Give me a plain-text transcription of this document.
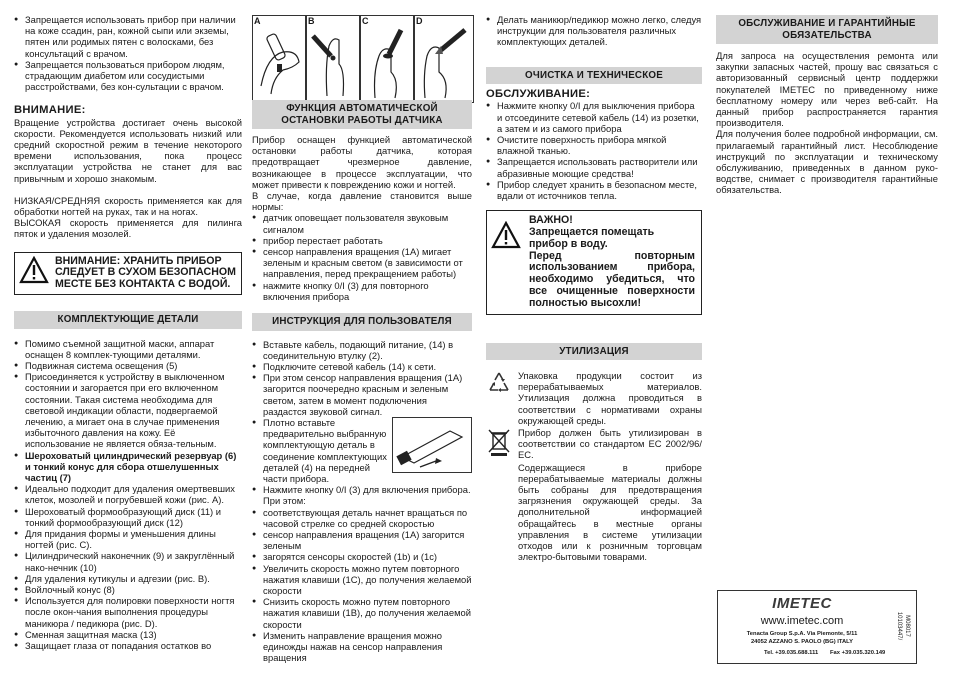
● Запрещается использовать прибор при наличии на коже ссадин, ран, кожной сыпи или экземы, пятен или родимых пятен с волосками, без консультаций с врачом.
● Запрещается пользоваться прибором людям, страдающим диабетом или сосудистыми расстройствами, без кон-сультации с врачом.

ВНИМАНИЕ:

Вращение устройства достигает очень высокой скорости. Рекомендуется использовать низкий или средний скоростной режим в течение некоторого времени использования, пока процесс эксплуатации устройства не станет для вас привычным и хорошо знакомым.

НИЗКАЯ/СРЕДНЯЯ скорость применяется как для обработки ногтей на руках, так и на ногах.

ВЫСОКАЯ скорость применяется для пилинга пяток и удаления мозолей.

ВНИМАНИЕ: ХРАНИТЬ ПРИБОР СЛЕДУЕТ В СУХОМ БЕЗОПАСНОМ МЕСТЕ БЕЗ КОНТАКТА С ВОДОЙ.

КОМПЛЕКТУЮЩИЕ ДЕТАЛИ
● Помимо съемной защитной маски, аппарат оснащен 8 комплек-тующими деталями.
● Подвижная система освещения (5)
● Присоединяется к устройству в выключенном состоянии и загорается при его включенном состоянии. Такая система необходима для световой индикации области, подвергаемой лечению, а мигает она в случае применения избыточного давления на кожу. Её использование не является обяза-тельным.
● Шероховатый цилиндрический резервуар (6) и тонкий конус для сбора отшелушенных частиц (7)
● Идеально подходит для удаления омертвевших клеток, мозолей и погрубевшей кожи (рис. A).
● Шероховатый формообразующий диск (11) и тонкий формообразующий диск (12)
● Для придания формы и уменьшения длины ногтей (рис. С).
● Цилиндрический наконечник (9) и закруглённый нако-нечник (10)
● Для удаления кутикулы и адгезии (рис. B).
● Войлочный конус (8)
● Используется для полировки поверхности ногтя после окон-чания выполнения процедуры маникюра / педикюра (рис. D).
● Сменная защитная маска (13)
● Защищает глаза от попадания остатков во
A	B	C	D
ФУНКЦИЯ АВТОМАТИЧЕСКОЙ ОСТАНОВКИ РАБОТЫ ДАТЧИКА

Прибор оснащен функцией автоматической остановки работы датчика, которая предотвращает чрезмерное давление, возникающее в процессе эксплуатации, что может привести к повреждению кожи и ногтей.

В случае, когда давление становится выше нормы:

● датчик оповещает пользователя звуковым сигналом
● прибор перестает работать
● сенсор направления вращения (1A) мигает зеленым и красным светом (в зависимости от направления, перед прекращением работы)
● нажмите кнопку 0/I (3) для повторного включения прибора
ИНСТРУКЦИЯ ДЛЯ ПОЛЬЗОВАТЕЛЯ
● Вставьте кабель, подающий питание, (14) в соединительную втулку (2).
● Подключите сетевой кабель (14) к сети.
● При этом сенсор направления вращения (1A) загорится поочередно красным и зеленым светом, затем в момент подключения раздастся звуковой сигнал.
● Плотно вставьте предварительно выбранную комплектующую деталь в соединение комплектующих деталей (4) на передней части прибора.
● Нажмите кнопку 0/I (3) для включения прибора. При этом:
● соответствующая деталь начнет вращаться по часовой стрелке со средней скоростью
● сенсор направления вращения (1A) загорится зеленым
● загорятся сенсоры скоростей (1b) и (1c)
● Увеличить скорость можно путем повторного нажатия клавиши (1С), до получения желаемой скорости
● Снизить скорость можно путем повторного нажатия клавиши (1В), до получения желаемой скорости
● Изменить направление вращения можно единожды нажав на сенсор направления вращения
● Делать маникюр/педикюр можно легко, следуя инструкции для пользователя различных комплектующих деталей.
ОЧИСТКА И ТЕХНИЧЕСКОЕ

ОБСЛУЖИВАНИЕ:

● Нажмите кнопку 0/I для выключения прибора и отсоедините сетевой кабель (14) из розетки, а затем и из самого прибора
● Очистите поверхность прибора мягкой влажной тканью.
● Запрещается использовать растворители или абразивные моющие средства!
● Прибор следует хранить в безопасном месте, вдали от источников тепла.

ВАЖНО!

Запрещается помещать прибор в воду.

Перед повторным использованием прибора, необходимо убедиться, что все очищенные поверхности полностью высохли!

УТИЛИЗАЦИЯ

Упаковка продукции состоит из перерабатываемых материалов. Утилизация должна проводиться в соответствии с нормативами охраны окружающей среды.

Прибор должен быть утилизирован в соответствии со стандартом ЕС 2002/96/ЕС.

Содержащиеся в приборе перерабатываемые материалы должны быть собраны для предотвращения загрязнения окружающей среды. За дополнительной информацией обращайтесь в местные органы управления в системе утилизации отходов или к розничным торговцам электро-бытовыми товарами.

ОБСЛУЖИВАНИЕ И ГАРАНТИЙНЫЕ ОБЯЗАТЕЛЬСТВА

Для запроса на осуществления ремонта или закупки запасных частей, прошу вас связаться с авторизованный сервисный центр поддержки покупателей IMETEC по приведенному ниже бесплатному номеру или через веб-сайт. На данный прибор распространяется гарантия производителя.

Для получения более подробной информации, см. прилагаемый гарантийный лист. Несоблюдение инструкций по эксплуатации и техническому обслуживанию, приведенных в данном руко-водстве, снимает с производителя гарантийные обязательства.

IMETEC
www.imetec.com
Tenacta Group S.p.A. Via Piemonte, 5/11
24052 AZZANO S. PAOLO (BG) ITALY
Tel. +39.035.688.111 Fax +39.035.320.149
10103447/ M08017
